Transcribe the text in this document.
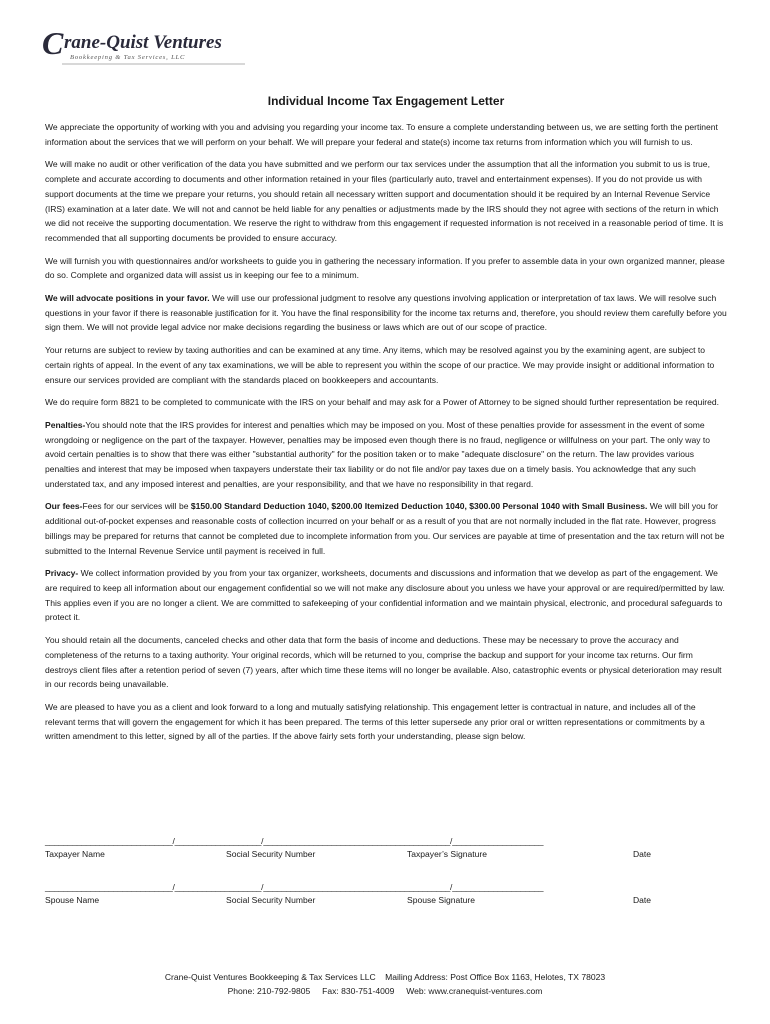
C rane-Quist Ventures
Bookkeeping & Tax Services, LLC
Individual Income Tax Engagement Letter

We appreciate the opportunity of working with you and advising you regarding your income tax. To ensure a complete understanding between us, we are setting forth the pertinent information about the services that we will perform on your behalf. We will prepare your federal and state(s) income tax returns from information which you will furnish to us.

We will make no audit or other verification of the data you have submitted and we perform our tax services under the assumption that all the information you submit to us is true, complete and accurate according to documents and other information retained in your files (particularly auto, travel and entertainment expenses). If you do not provide us with support documents at the time we prepare your returns, you should retain all necessary written support and documentation should it be required by an Internal Revenue Service (IRS) examination at a later date. We will not and cannot be held liable for any penalties or adjustments made by the IRS should they not agree with sections of the return in which we did not receive the supporting documentation. We reserve the right to withdraw from this engagement if requested information is not received in a reasonable period of time. It is recommended that all supporting documents be provided to ensure accuracy.

We will furnish you with questionnaires and/or worksheets to guide you in gathering the necessary information. If you prefer to assemble data in your own organized manner, please do so. Complete and organized data will assist us in keeping our fee to a minimum.

We will advocate positions in your favor. We will use our professional judgment to resolve any questions involving application or interpretation of tax laws. We will resolve such questions in your favor if there is reasonable justification for it. You have the final responsibility for the income tax returns and, therefore, you should review them carefully before you sign them. We will not provide legal advice nor make decisions regarding the business or laws which are out of our scope of practice.

Your returns are subject to review by taxing authorities and can be examined at any time. Any items, which may be resolved against you by the examining agent, are subject to certain rights of appeal. In the event of any tax examinations, we will be able to represent you within the scope of our practice. We may provide insight or additional information to ensure our services provided are compliant with the standards placed on bookkeepers and accountants.

We do require form 8821 to be completed to communicate with the IRS on your behalf and may ask for a Power of Attorney to be signed should further representation be required.

Penalties-You should note that the IRS provides for interest and penalties which may be imposed on you. Most of these penalties provide for assessment in the event of some wrongdoing or negligence on the part of the taxpayer. However, penalties may be imposed even though there is no fraud, negligence or willfulness on your part. The only way to avoid certain penalties is to show that there was either "substantial authority" for the position taken or to make "adequate disclosure" on the return. The law provides various penalties and interest that may be imposed when taxpayers understate their tax liability or do not file and/or pay taxes due on a timely basis. You acknowledge that any such understated tax, and any imposed interest and penalties, are your responsibility, and that we have no responsibility in that regard.

Our fees-Fees for our services will be $150.00 Standard Deduction 1040, $200.00 Itemized Deduction 1040, $300.00 Personal 1040 with Small Business. We will bill you for additional out-of-pocket expenses and reasonable costs of collection incurred on your behalf or as a result of you that are not normally included in the flat rate. However, progress billings may be prepared for returns that cannot be completed due to incomplete information from you. Our services are payable at time of presentation and the tax return will not be submitted to the Internal Revenue Service until payment is received in full.

Privacy- We collect information provided by you from your tax organizer, worksheets, documents and discussions and information that we develop as part of the engagement. We are required to keep all information about our engagement confidential so we will not make any disclosure about you unless we have your approval or are required/permitted by law. This applies even if you are no longer a client. We are committed to safekeeping of your confidential information and we maintain physical, electronic, and procedural safeguards to protect it.

You should retain all the documents, canceled checks and other data that form the basis of income and deductions. These may be necessary to prove the accuracy and completeness of the returns to a taxing authority. Your original records, which will be returned to you, comprise the backup and support for your income tax returns. Our firm destroys client files after a retention period of seven (7) years, after which time these items will no longer be available. Also, catastrophic events or physical deterioration may result in our records being unavailable.

We are pleased to have you as a client and look forward to a long and mutually satisfying relationship. This engagement letter is contractual in nature, and includes all of the relevant terms that will govern the engagement for which it has been prepared. The terms of this letter supersede any prior oral or written representations or commitments by a written amendment to this letter, signed by all of the parties. If the above fairly sets forth your understanding, please sign below.

____________________________/___________________/_________________________________________/____________________
Taxpayer Name	Social Security Number	Taxpayer’s Signature	Date
____________________________/___________________/_________________________________________/____________________
Spouse Name	Social Security Number	Spouse Signature	Date
Crane-Quist Ventures Bookkeeping & Tax Services LLC    Mailing Address: Post Office Box 1163, Helotes, TX 78023
Phone: 210-792-9805     Fax: 830-751-4009     Web: www.cranequist-ventures.com
